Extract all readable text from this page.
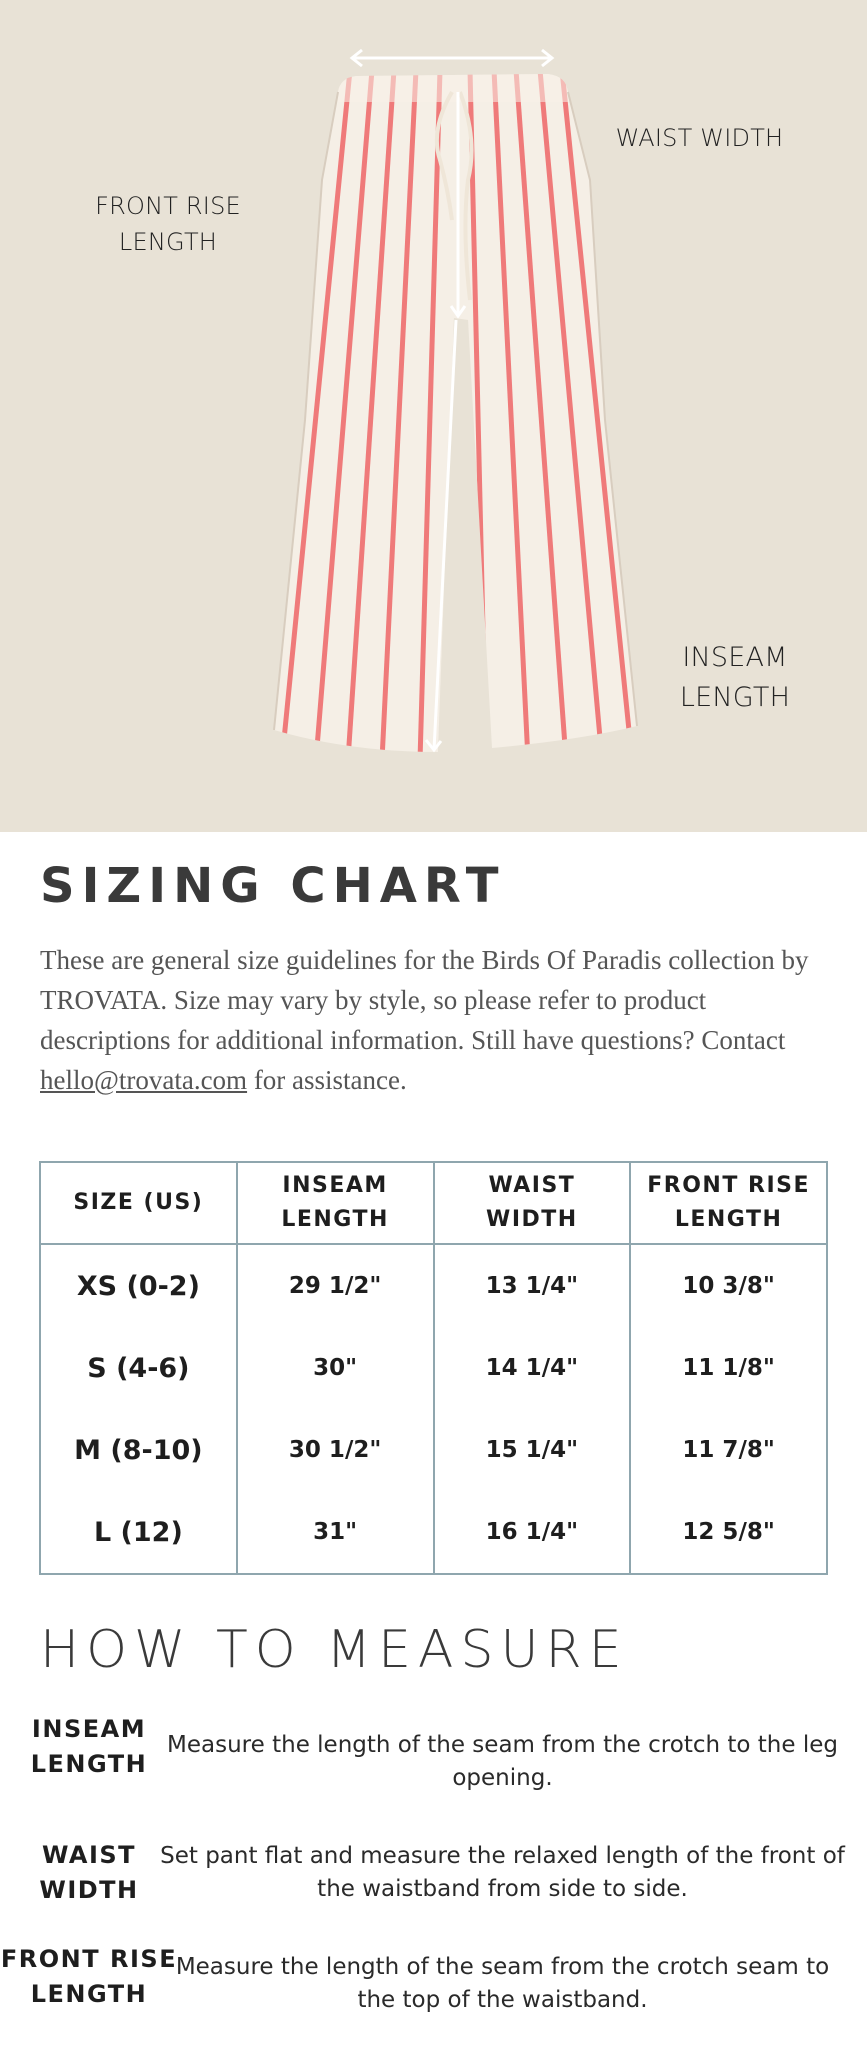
FRONT RISE
LENGTH
WAIST WIDTH
INSEAM
LENGTH
SIZING CHART

These are general size guidelines for the Birds Of Paradis collection by TROVATA. Size may vary by style, so please refer to product descriptions for additional information. Still have questions? Contact hello@trovata.com for assistance.

SIZE (US)	INSEAM LENGTH	WAIST WIDTH	FRONT RISE LENGTH
XS (0-2)	29 1/2"	13 1/4"	10 3/8"
S (4-6)	30"	14 1/4"	11 1/8"
M (8-10)	30 1/2"	15 1/4"	11 7/8"
L (12)	31"	16 1/4"	12 5/8"
HOW TO MEASURE
INSEAM
LENGTH
Measure the length of the seam from the crotch to the leg opening.
WAIST
WIDTH
Set pant flat and measure the relaxed length of the front of the waistband from side to side.
FRONT RISE
LENGTH
Measure the length of the seam from the crotch seam to the top of the waistband.
